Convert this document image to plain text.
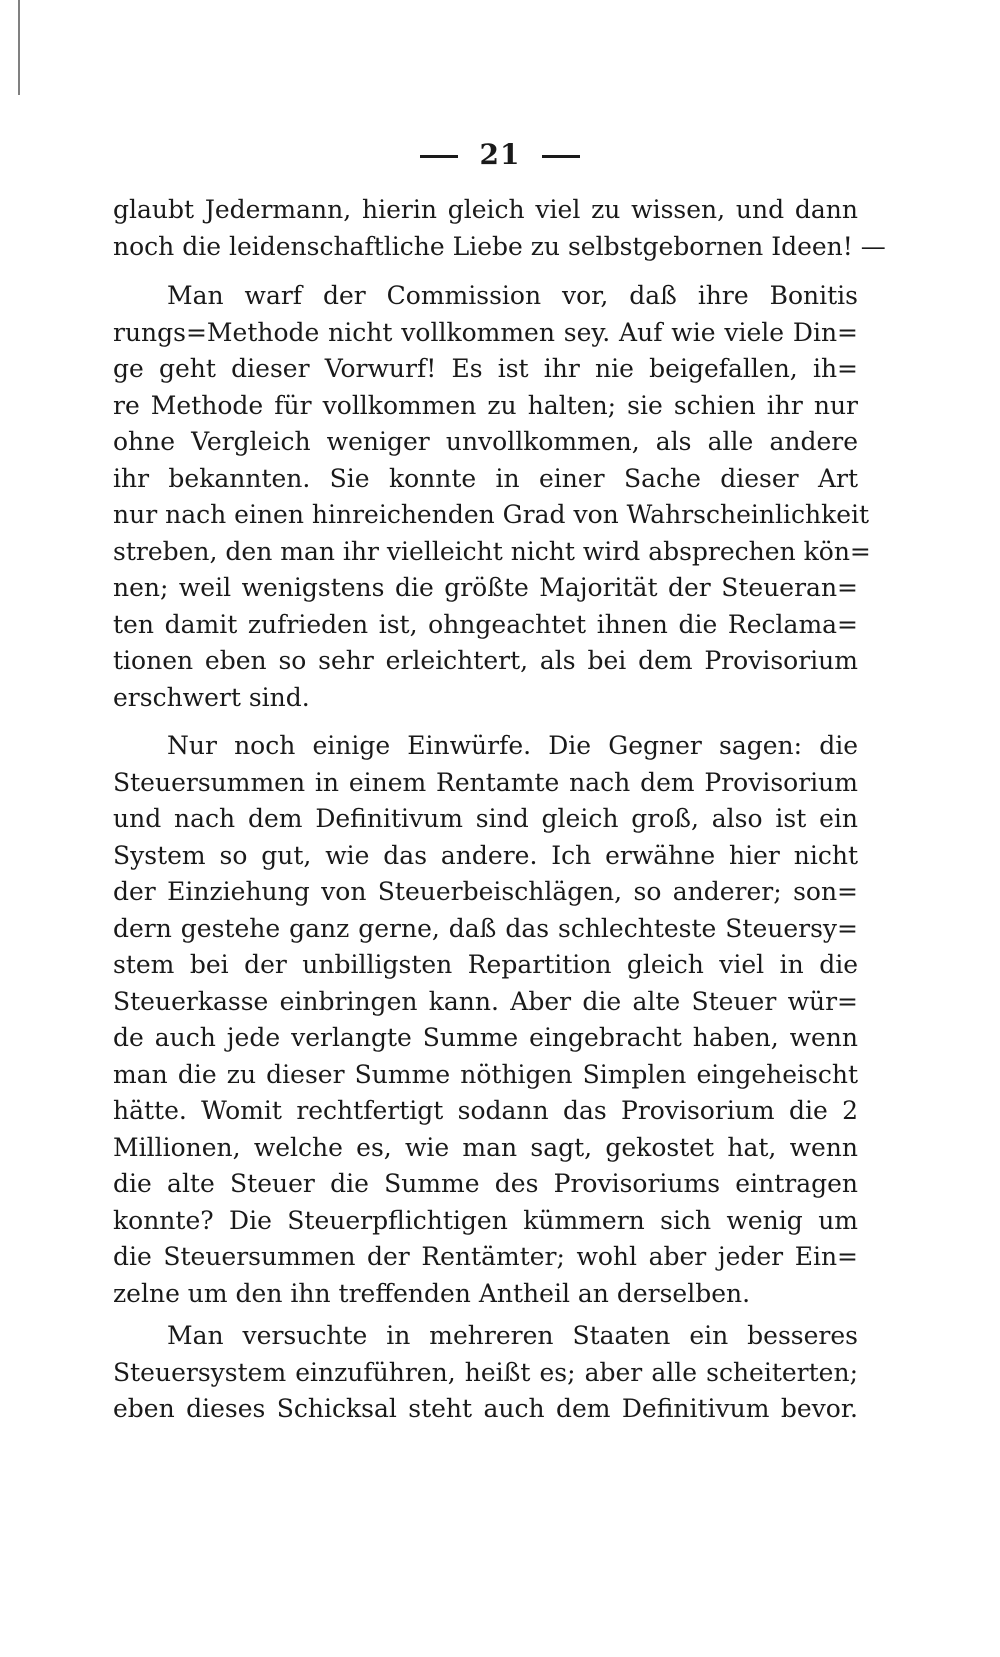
21
glaubt Jedermann, hierin gleich viel zu wissen, und dann
noch die leidenschaftliche Liebe zu selbstgebornen Ideen! —
Man warf der Commission vor, daß ihre Bonitis
rungs=Methode nicht vollkommen sey. Auf wie viele Din=
ge geht dieser Vorwurf! Es ist ihr nie beigefallen, ih=
re Methode für vollkommen zu halten; sie schien ihr nur
ohne Vergleich weniger unvollkommen, als alle andere
ihr bekannten. Sie konnte in einer Sache dieser Art
nur nach einen hinreichenden Grad von Wahrscheinlichkeit
streben, den man ihr vielleicht nicht wird absprechen kön=
nen; weil wenigstens die größte Majorität der Steueran=
ten damit zufrieden ist, ohngeachtet ihnen die Reclama=
tionen eben so sehr erleichtert, als bei dem Provisorium
erschwert sind.
Nur noch einige Einwürfe. Die Gegner sagen: die
Steuersummen in einem Rentamte nach dem Provisorium
und nach dem Definitivum sind gleich groß, also ist ein
System so gut, wie das andere. Ich erwähne hier nicht
der Einziehung von Steuerbeischlägen, so anderer; son=
dern gestehe ganz gerne, daß das schlechteste Steuersy=
stem bei der unbilligsten Repartition gleich viel in die
Steuerkasse einbringen kann. Aber die alte Steuer wür=
de auch jede verlangte Summe eingebracht haben, wenn
man die zu dieser Summe nöthigen Simplen eingeheischt
hätte. Womit rechtfertigt sodann das Provisorium die 2
Millionen, welche es, wie man sagt, gekostet hat, wenn
die alte Steuer die Summe des Provisoriums eintragen
konnte? Die Steuerpflichtigen kümmern sich wenig um
die Steuersummen der Rentämter; wohl aber jeder Ein=
zelne um den ihn treffenden Antheil an derselben.
Man versuchte in mehreren Staaten ein besseres
Steuersystem einzuführen, heißt es; aber alle scheiterten;
eben dieses Schicksal steht auch dem Definitivum bevor.
